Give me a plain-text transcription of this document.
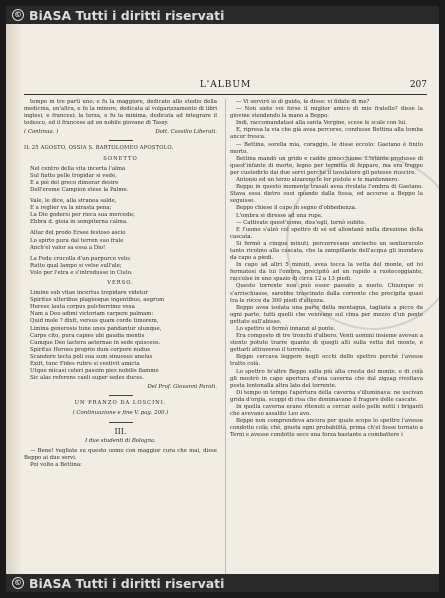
© BiASA Tutti i diritti riservati
L'ALBUM	207

tempo in tre parti uno, e fu la maggiore, dedicato allo studio della medicina, un'altra, e fu la minore, dedicata al volgarizzamento di libri inglesi, e francesi; la terza, e fu la minima, dedicata ad integrare il tedesco, ed il francese ad un nobile giovane di Tassy.

( Continua. )	Dott. Cassilio Liberati.

IL 25 AGOSTO, OSSIA S. BARTOLOMEO APOSTOLO.

SONETTO

Nel centro della vita incerta l'alma

Sul fiutto pelle tropidar si vede,

E a piè del greco dimorar desire

Dell'erome Campion stese la Palme.

Vale, le dice, alla stranea salde,

E a reglier va la nirasta pena;

La Dio godersi per rieca sua mercede;

Ebbra d. gioia in sempiterna calma.

Altar del prodo Ersee festoso ascio

Lo spirto pura dal terren suo frale

Anch'el valor sa essa a Dio!

La Fede crucolla d'un purpurco velo;

Ratto qual lampo si velse sull'ale;

Volo per l'etra e s'introdusse in Cielo.

VERSO.

Limine sub vitae incertus trepidare videtur

Spiritus ulteribus plagiosque ingentibus, aegrum

Herese lauta corpus pulcherrimo vexa

Nam a Deo adimi victoriam carpere palmam:

Quid mole ? dixit, versus quam corde timorem,

Limina generosis tune unes pandantur ulunque,

Carpe cito, pura capies ubi gaudia mentis

Cumque Deo lactera aeternae in sede quisceos.

Spiritus Heroes proprio dum corpore nudus

Scandere tecta poli sua sum sinuosus anelus

Exiit, tunc Fides rubro si vestivit amicta

Utque micasi celeri passim pies nobilis flammo

Sic alas referens caeli super sedes duces.

Del Prof. Giovanni Parati.

UN PRANZO DA LOSCINI.

( Continuazione e fine V. pag. 200.)

III.

I due studenti di Bologna.

— Bene! vegliate su questo uomo con maggior cura che mai, disse Beppo ai due servi.

Poi volto a Bettina:

— Vi servirò io di guida, le disse: vi fidate di me?

— Non siete voi forse il miglior amico di mio fratello? disse la giovine stendendo la mano a Beppo.

Indi, raccomandatasi alla santa Vergine, scese le scale con lui.

E, ripresa la via che già avea percorso, condusse Bettina alla tomba ancor fresca.

— Bettina, sorella mia, coraggio, le disse eccolo: Gaetano è finito morto.

Bettina mandò un grido e cadde ginocchione. L'istante produsse di quest'infante di morte, legno per termina di feppare, ma era troppo per custodirlo dai due servi perchè il tavolatore gli potesse riuscire.

Antonio ed un terzo alzarono le lor pistole e le mantennero.

Beppo in questo momento trasalì avea rivolata l'ombra di Gaetano. Stava essa dietro suoi quando dalla fossa, ed accorse a Beppo la seguisse.

Beppo chiese il capo in segno d'obbedienza.

L'ombra si diresse ad una rupe.

— Cattivate quest'uomo, diss'egli, tornò subito.

E l'uomo s'alzò col spettro di sé ed allontanò nella direzione della cascata.

Si fermò a cinque minuti, percorrevano anciecho un sentierucolo tanto ricolmo alla cascata, che la zampillante dell'acqua gli inondava da capo a piedi.

In capo ad altri 5 minuti, avea tocca la vetta del monte, ed ivi fermatosi da lui l'ombra, precipitò ad un rapido a ruotecoggiante, raccolse in uno spazio di circa 12 a 13 piedi.

Questo torrente non può esser passato a nuoto. Chiunque vi s'arrischiasse, sarebbe trascinato dalla corrente che precipita quasi tra le rocce da 300 piedi d'altezza.

Beppo avea isolata una parte della montagna, tagliata a picco da ogni parte, tutti quelli che venivano sul cima per mezzo d'un ponte gettato sull'abisso.

Lo spettro si fermò innanzi al ponte.

Era composto di tre tronchi d'albero. Venti uomini insieme avevan a stento potuto trarre quanto di quegli alti sulla vetta del monte, e gettarli attraverso il torrente.

Beppo cercava leggere negli occhi dello spettro perchè l'avesse tratto colà.

Lo spettro fe'altre Beppo sulla più alta cresta del monte, e di colà gli mostrò in capo apertura d'una caverna che dal zigzag rivoltava posta lontonalla altra lato del torrente.

Di tempo in tempo l'apertura della caverna s'illuminava: ne uscivan grida d'orgia, scoppi di risa che dominavano il fragore delle cascate.

In quella caverna erano ritenuti a cercar asilo pelle notti i briganti che avevano assalito Leo avo.

Beppo non comprendeva ancora per quale scopo lo spettro l'avesse condotto colà; chè, giusta ogni probabilità, prima ch'el fosse tornato a Terni e avesse condotto seco una forza bastante a combattere i

© BiASA Tutti i diritti riservati
